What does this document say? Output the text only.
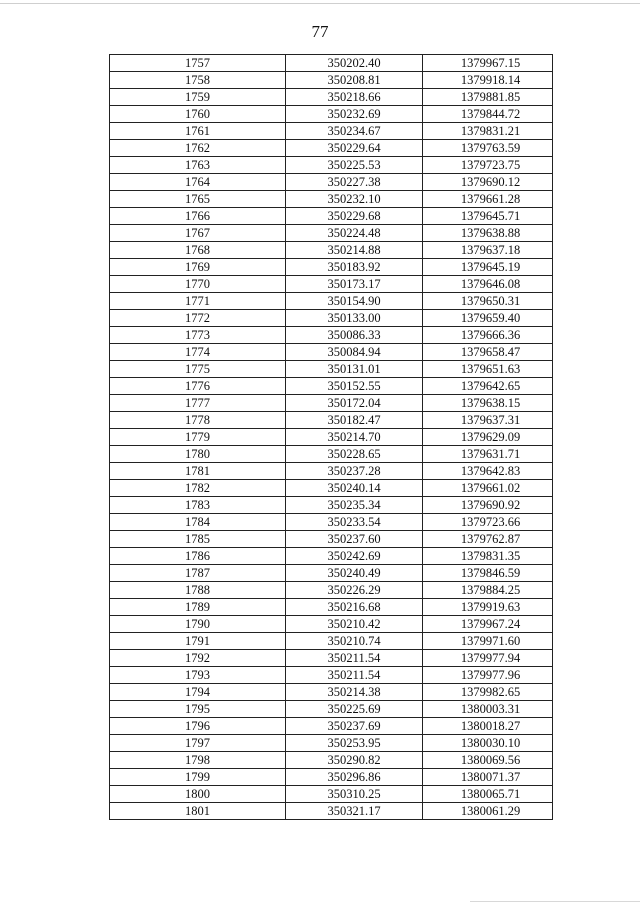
77
1757	350202.40	1379967.15
1758	350208.81	1379918.14
1759	350218.66	1379881.85
1760	350232.69	1379844.72
1761	350234.67	1379831.21
1762	350229.64	1379763.59
1763	350225.53	1379723.75
1764	350227.38	1379690.12
1765	350232.10	1379661.28
1766	350229.68	1379645.71
1767	350224.48	1379638.88
1768	350214.88	1379637.18
1769	350183.92	1379645.19
1770	350173.17	1379646.08
1771	350154.90	1379650.31
1772	350133.00	1379659.40
1773	350086.33	1379666.36
1774	350084.94	1379658.47
1775	350131.01	1379651.63
1776	350152.55	1379642.65
1777	350172.04	1379638.15
1778	350182.47	1379637.31
1779	350214.70	1379629.09
1780	350228.65	1379631.71
1781	350237.28	1379642.83
1782	350240.14	1379661.02
1783	350235.34	1379690.92
1784	350233.54	1379723.66
1785	350237.60	1379762.87
1786	350242.69	1379831.35
1787	350240.49	1379846.59
1788	350226.29	1379884.25
1789	350216.68	1379919.63
1790	350210.42	1379967.24
1791	350210.74	1379971.60
1792	350211.54	1379977.94
1793	350211.54	1379977.96
1794	350214.38	1379982.65
1795	350225.69	1380003.31
1796	350237.69	1380018.27
1797	350253.95	1380030.10
1798	350290.82	1380069.56
1799	350296.86	1380071.37
1800	350310.25	1380065.71
1801	350321.17	1380061.29
